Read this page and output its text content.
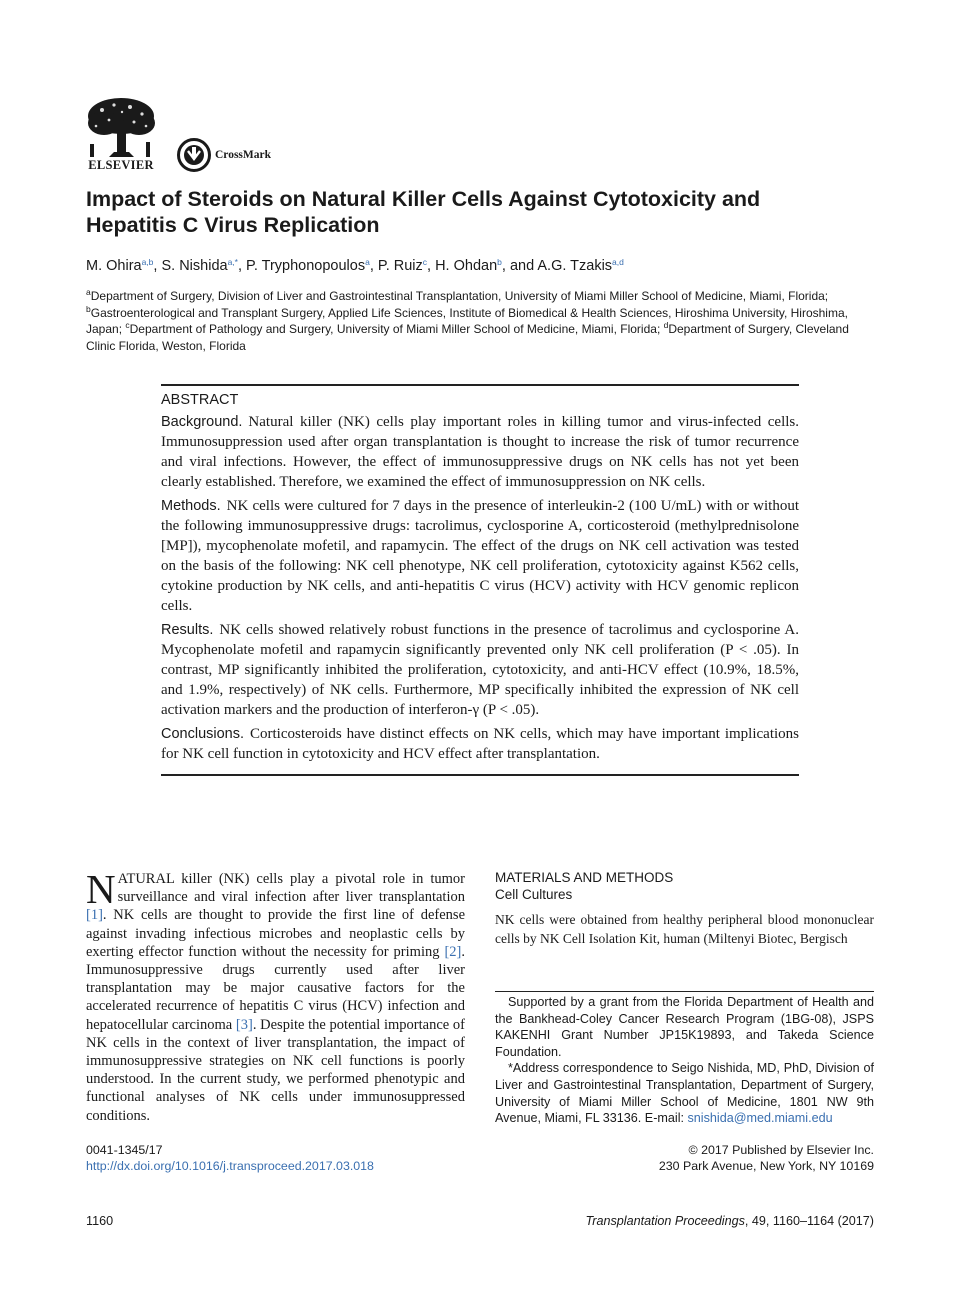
ELSEVIER
CrossMark
Impact of Steroids on Natural Killer Cells Against Cytotoxicity and
Hepatitis C Virus Replication
M. Ohira$^{a,b}$, S. Nishida$^{a,*}$, P. Tryphonopoulos$^a$, P. Ruiz$^c$, H. Ohdan$^b$, and A.G. Tzakis$^{a,d}$
$^a$Department of Surgery, Division of Liver and Gastrointestinal Transplantation, University of Miami Miller School of Medicine, Miami, Florida; $^b$Gastroenterological and Transplant Surgery, Applied Life Sciences, Institute of Biomedical & Health Sciences, Hiroshima University, Hiroshima, Japan; $^c$Department of Pathology and Surgery, University of Miami Miller School of Medicine, Miami, Florida; $^d$Department of Surgery, Cleveland Clinic Florida, Weston, Florida
ABSTRACT

Background. Natural killer (NK) cells play important roles in killing tumor and virus-infected cells. Immunosuppression used after organ transplantation is thought to increase the risk of tumor recurrence and viral infections. However, the effect of immunosuppressive drugs on NK cells has not yet been clearly established. Therefore, we examined the effect of immunosuppression on NK cells.

Methods. NK cells were cultured for 7 days in the presence of interleukin-2 (100 U/mL) with or without the following immunosuppressive drugs: tacrolimus, cyclosporine A, corticosteroid (methylprednisolone [MP]), mycophenolate mofetil, and rapamycin. The effect of the drugs on NK cell activation was tested on the basis of the following: NK cell phenotype, NK cell proliferation, cytotoxicity against K562 cells, cytokine production by NK cells, and anti-hepatitis C virus (HCV) activity with HCV genomic replicon cells.

Results. NK cells showed relatively robust functions in the presence of tacrolimus and cyclosporine A. Mycophenolate mofetil and rapamycin significantly prevented only NK cell proliferation (P < .05). In contrast, MP significantly inhibited the proliferation, cytotoxicity, and anti-HCV effect (10.9%, 18.5%, and 1.9%, respectively) of NK cells. Furthermore, MP specifically inhibited the expression of NK cell activation markers and the production of interferon-γ (P < .05).

Conclusions. Corticosteroids have distinct effects on NK cells, which may have important implications for NK cell function in cytotoxicity and HCV effect after transplantation.

NATURAL killer (NK) cells play a pivotal role in tumor surveillance and viral infection after liver transplantation [1]. NK cells are thought to provide the first line of defense against invading infectious microbes and neoplastic cells by exerting effector function without the necessity for priming [2]. Immunosuppressive drugs currently used after liver transplantation may be major causative factors for the accelerated recurrence of hepatitis C virus (HCV) infection and hepatocellular carcinoma [3]. Despite the potential importance of NK cells in the context of liver transplantation, the impact of immunosuppressive strategies on NK cell functions is poorly understood. In the current study, we performed phenotypic and functional analyses of NK cells under immunosuppressed conditions.
MATERIALS AND METHODS
Cell Cultures
NK cells were obtained from healthy peripheral blood mononuclear cells by NK Cell Isolation Kit, human (Miltenyi Biotec, Bergisch

Supported by a grant from the Florida Department of Health and the Bankhead-Coley Cancer Research Program (1BG-08), JSPS KAKENHI Grant Number JP15K19893, and Takeda Science Foundation.

*Address correspondence to Seigo Nishida, MD, PhD, Division of Liver and Gastrointestinal Transplantation, Department of Surgery, University of Miami Miller School of Medicine, 1801 NW 9th Avenue, Miami, FL 33136. E-mail: snishida@med.miami.edu

0041-1345/17
http://dx.doi.org/10.1016/j.transproceed.2017.03.018
© 2017 Published by Elsevier Inc.
230 Park Avenue, New York, NY 10169
1160	Transplantation Proceedings, 49, 1160–1164 (2017)
